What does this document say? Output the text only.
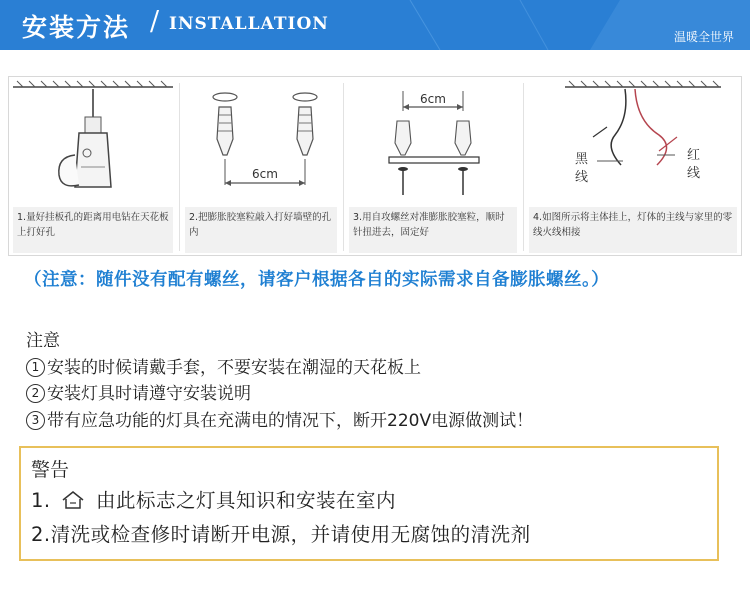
安装方法 / INSTALLATION
温暖全世界
1.量好挂板孔的距离用电钻在天花板上打好孔
6cm
2.把膨胀胶塞粒敲入打好墙壁的孔内
6cm
3.用自攻螺丝对准膨胀胶塞粒，顺时针扭进去，固定好
黑
线
红
线
4.如图所示将主体挂上，灯体的主线与家里的零线火线相接
（注意：随件没有配有螺丝，请客户根据各自的实际需求自备膨胀螺丝。）
注意
1 安装的时候请戴手套，不要安装在潮湿的天花板上
2 安装灯具时请遵守安装说明
3 带有应急功能的灯具在充满电的情况下，断开220V电源做测试！
警告
1. 由此标志之灯具知识和安装在室内
2.清洗或检查修时请断开电源，并请使用无腐蚀的清洗剂
